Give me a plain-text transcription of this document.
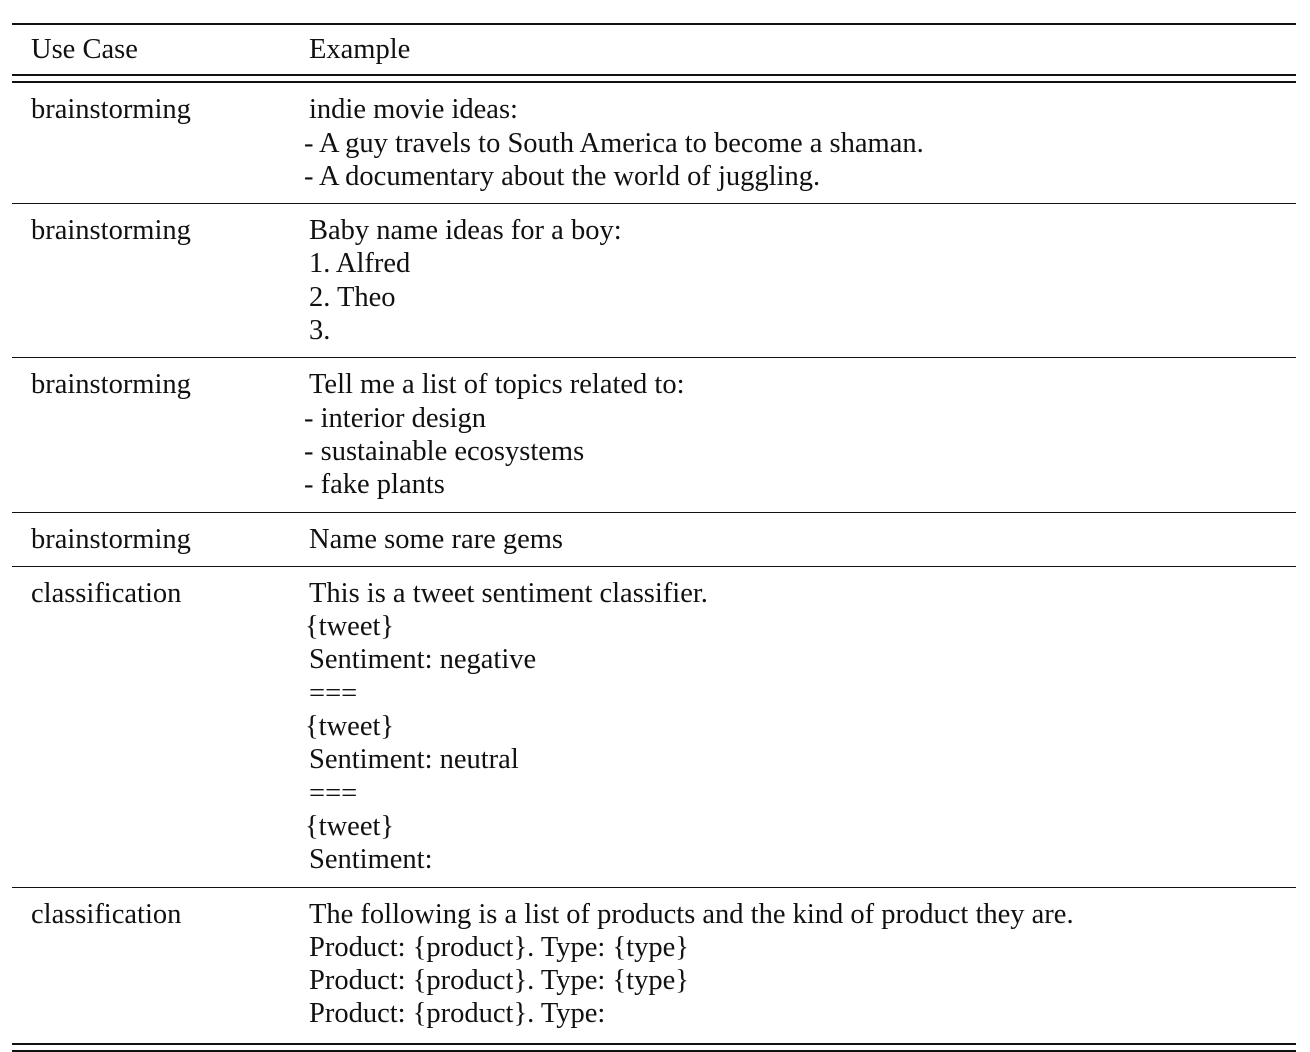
Use Case	Example
brainstorming	indie movie ideas:
- A guy travels to South America to become a shaman.
- A documentary about the world of juggling.
brainstorming	Baby name ideas for a boy:
1. Alfred
2. Theo
3.
brainstorming	Tell me a list of topics related to:
- interior design
- sustainable ecosystems
- fake plants
brainstorming	Name some rare gems
classification	This is a tweet sentiment classifier.
{tweet}
Sentiment: negative
===
{tweet}
Sentiment: neutral
===
{tweet}
Sentiment:
classification	The following is a list of products and the kind of product they are.
Product: {product}. Type: {type}
Product: {product}. Type: {type}
Product: {product}. Type:
